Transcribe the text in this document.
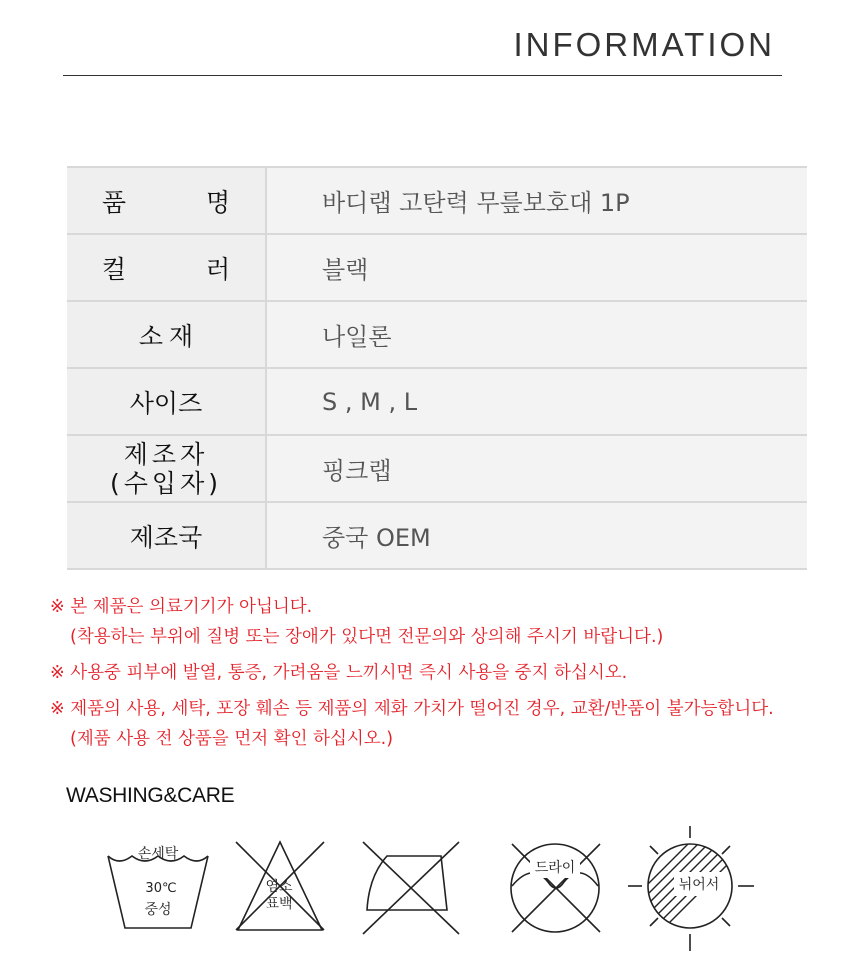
INFORMATION
품 명	바디랩 고탄력 무릎보호대 1P
컬 러	블랙
소재	나일론
사이즈	S , M , L
제조자
(수입자)	핑크랩
제조국	중국 OEM
※ 본 제품은 의료기기가 아닙니다.
(착용하는 부위에 질병 또는 장애가 있다면 전문의와 상의해 주시기 바랍니다.)
※ 사용중 피부에 발열, 통증, 가려움을 느끼시면 즉시 사용을 중지 하십시오.
※ 제품의 사용, 세탁, 포장 훼손 등 제품의 제화 가치가 떨어진 경우, 교환/반품이 불가능합니다.
(제품 사용 전 상품을 먼저 확인 하십시오.)
WASHING&CARE
손세탁
30℃
중성
염소
표백
드라이
뉘어서
